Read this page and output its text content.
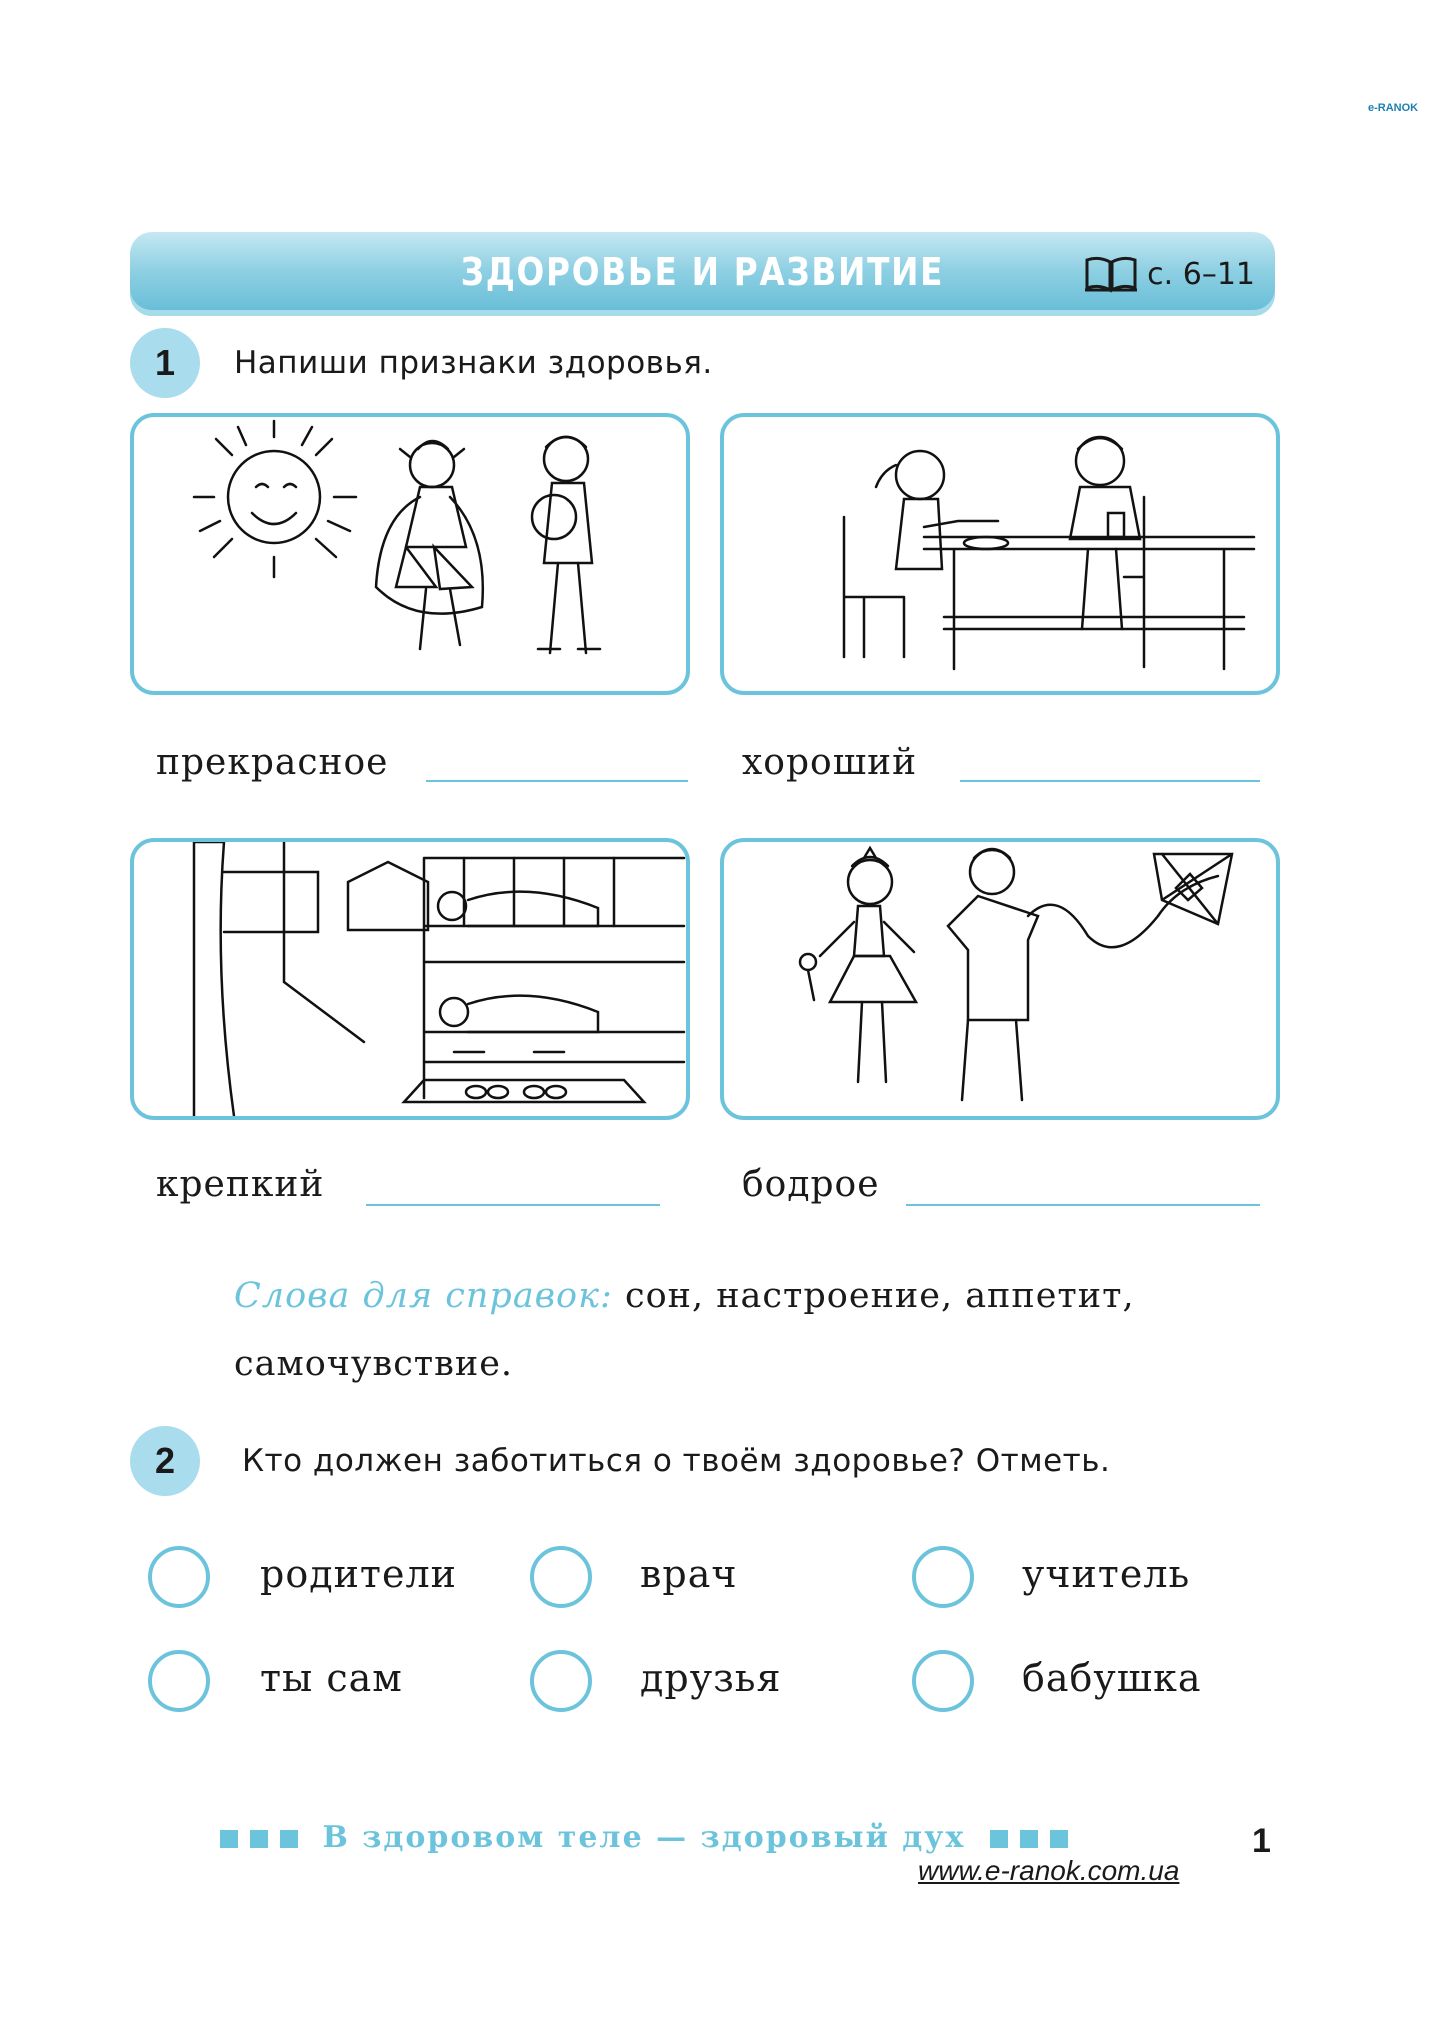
e-RANOK
ЗДОРОВЬЕ И РАЗВИТИЕ	с. 6–11
1	Напиши признаки здоровья.
прекрасное	хороший
крепкий	бодрое
Слова для справок: сон, настроение, аппетит, самочувствие.
2	Кто должен заботиться о твоём здоровье? Отметь.
родители	врач	учитель
ты сам	друзья	бабушка
В здоровом теле — здоровый дух	1
www.e-ranok.com.ua
